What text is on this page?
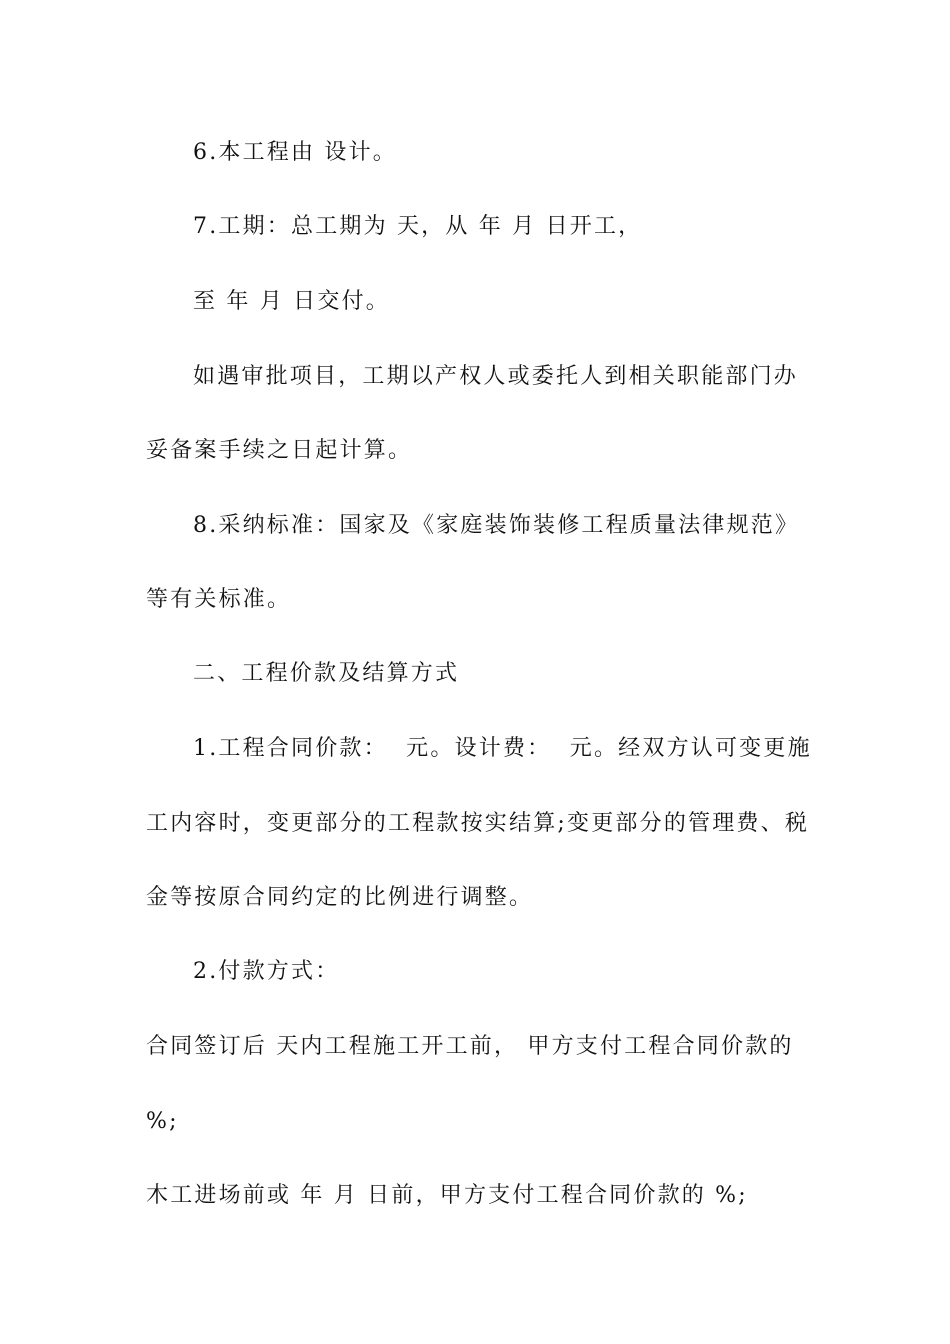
6.本工程由 设计。
7.工期：总工期为 天，从 年 月 日开工，
至 年 月 日交付。
如遇审批项目，工期以产权人或委托人到相关职能部门办
妥备案手续之日起计算。
8.采纳标准：国家及《家庭装饰装修工程质量法律规范》
等有关标准。
二、工程价款及结算方式
1.工程合同价款：  元。设计费：  元。经双方认可变更施
工内容时，变更部分的工程款按实结算;变更部分的管理费、税
金等按原合同约定的比例进行调整。
2.付款方式：
合同签订后 天内工程施工开工前， 甲方支付工程合同价款的
%;
木工进场前或 年 月 日前，甲方支付工程合同价款的 %;
